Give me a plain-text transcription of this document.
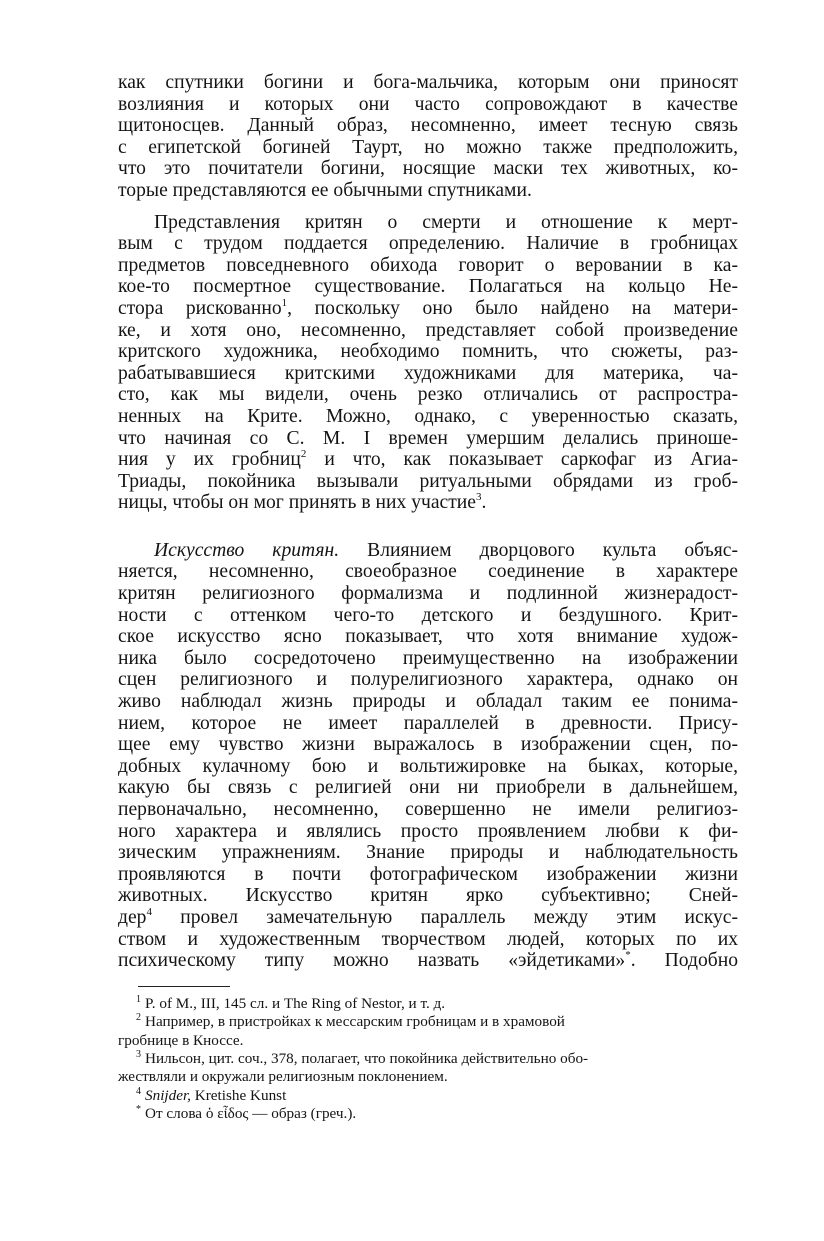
как спутники богини и бога-мальчика, которым они приносят
возлияния и которых они часто сопровождают в качестве
щитоносцев. Данный образ, несомненно, имеет тесную связь
с египетской богиней Таурт, но можно также предположить,
что это почитатели богини, носящие маски тех животных, ко-
торые представляются ее обычными спутниками.
Представления критян о смерти и отношение к мерт-
вым с трудом поддается определению. Наличие в гробницах
предметов повседневного обихода говорит о веровании в ка-
кое-то посмертное существование. Полагаться на кольцо Не-
стора рискованно$^1$, поскольку оно было найдено на матери-
ке, и хотя оно, несомненно, представляет собой произведение
критского художника, необходимо помнить, что сюжеты, раз-
рабатывавшиеся критскими художниками для материка, ча-
сто, как мы видели, очень резко отличались от распростра-
ненных на Крите. Можно, однако, с уверенностью сказать,
что начиная со С. М. I времен умершим делались приноше-
ния у их гробниц$^2$ и что, как показывает саркофаг из Агиа-
Триады, покойника вызывали ритуальными обрядами из гроб-
ницы, чтобы он мог принять в них участие$^3$.
Искусство критян. Влиянием дворцового культа объяс-
няется, несомненно, своеобразное соединение в характере
критян религиозного формализма и подлинной жизнерадост-
ности с оттенком чего-то детского и бездушного. Крит-
ское искусство ясно показывает, что хотя внимание худож-
ника было сосредоточено преимущественно на изображении
сцен религиозного и полурелигиозного характера, однако он
живо наблюдал жизнь природы и обладал таким ее понима-
нием, которое не имеет параллелей в древности. Прису-
щее ему чувство жизни выражалось в изображении сцен, по-
добных кулачному бою и вольтижировке на быках, которые,
какую бы связь с религией они ни приобрели в дальнейшем,
первоначально, несомненно, совершенно не имели религиоз-
ного характера и являлись просто проявлением любви к фи-
зическим упражнениям. Знание природы и наблюдательность
проявляются в почти фотографическом изображении жизни
животных. Искусство критян ярко субъективно; Сней-
дер$^4$ провел замечательную параллель между этим искус-
ством и художественным творчеством людей, которых по их
психическому типу можно назвать «эйдетиками»*. Подобно

$^1$ P. of M., III, 145 сл. и The Ring of Nestor, и т. д.

$^2$ Например, в пристройках к мессарским гробницам и в храмовой

гробнице в Кноссе.

$^3$ Нильсон, цит. соч., 378, полагает, что покойника действительно обо-

жествляли и окружали религиозным поклонением.

$^4$ Snijder, Kretishe Kunst

* От слова ὁ εἶδος — образ (греч.).
